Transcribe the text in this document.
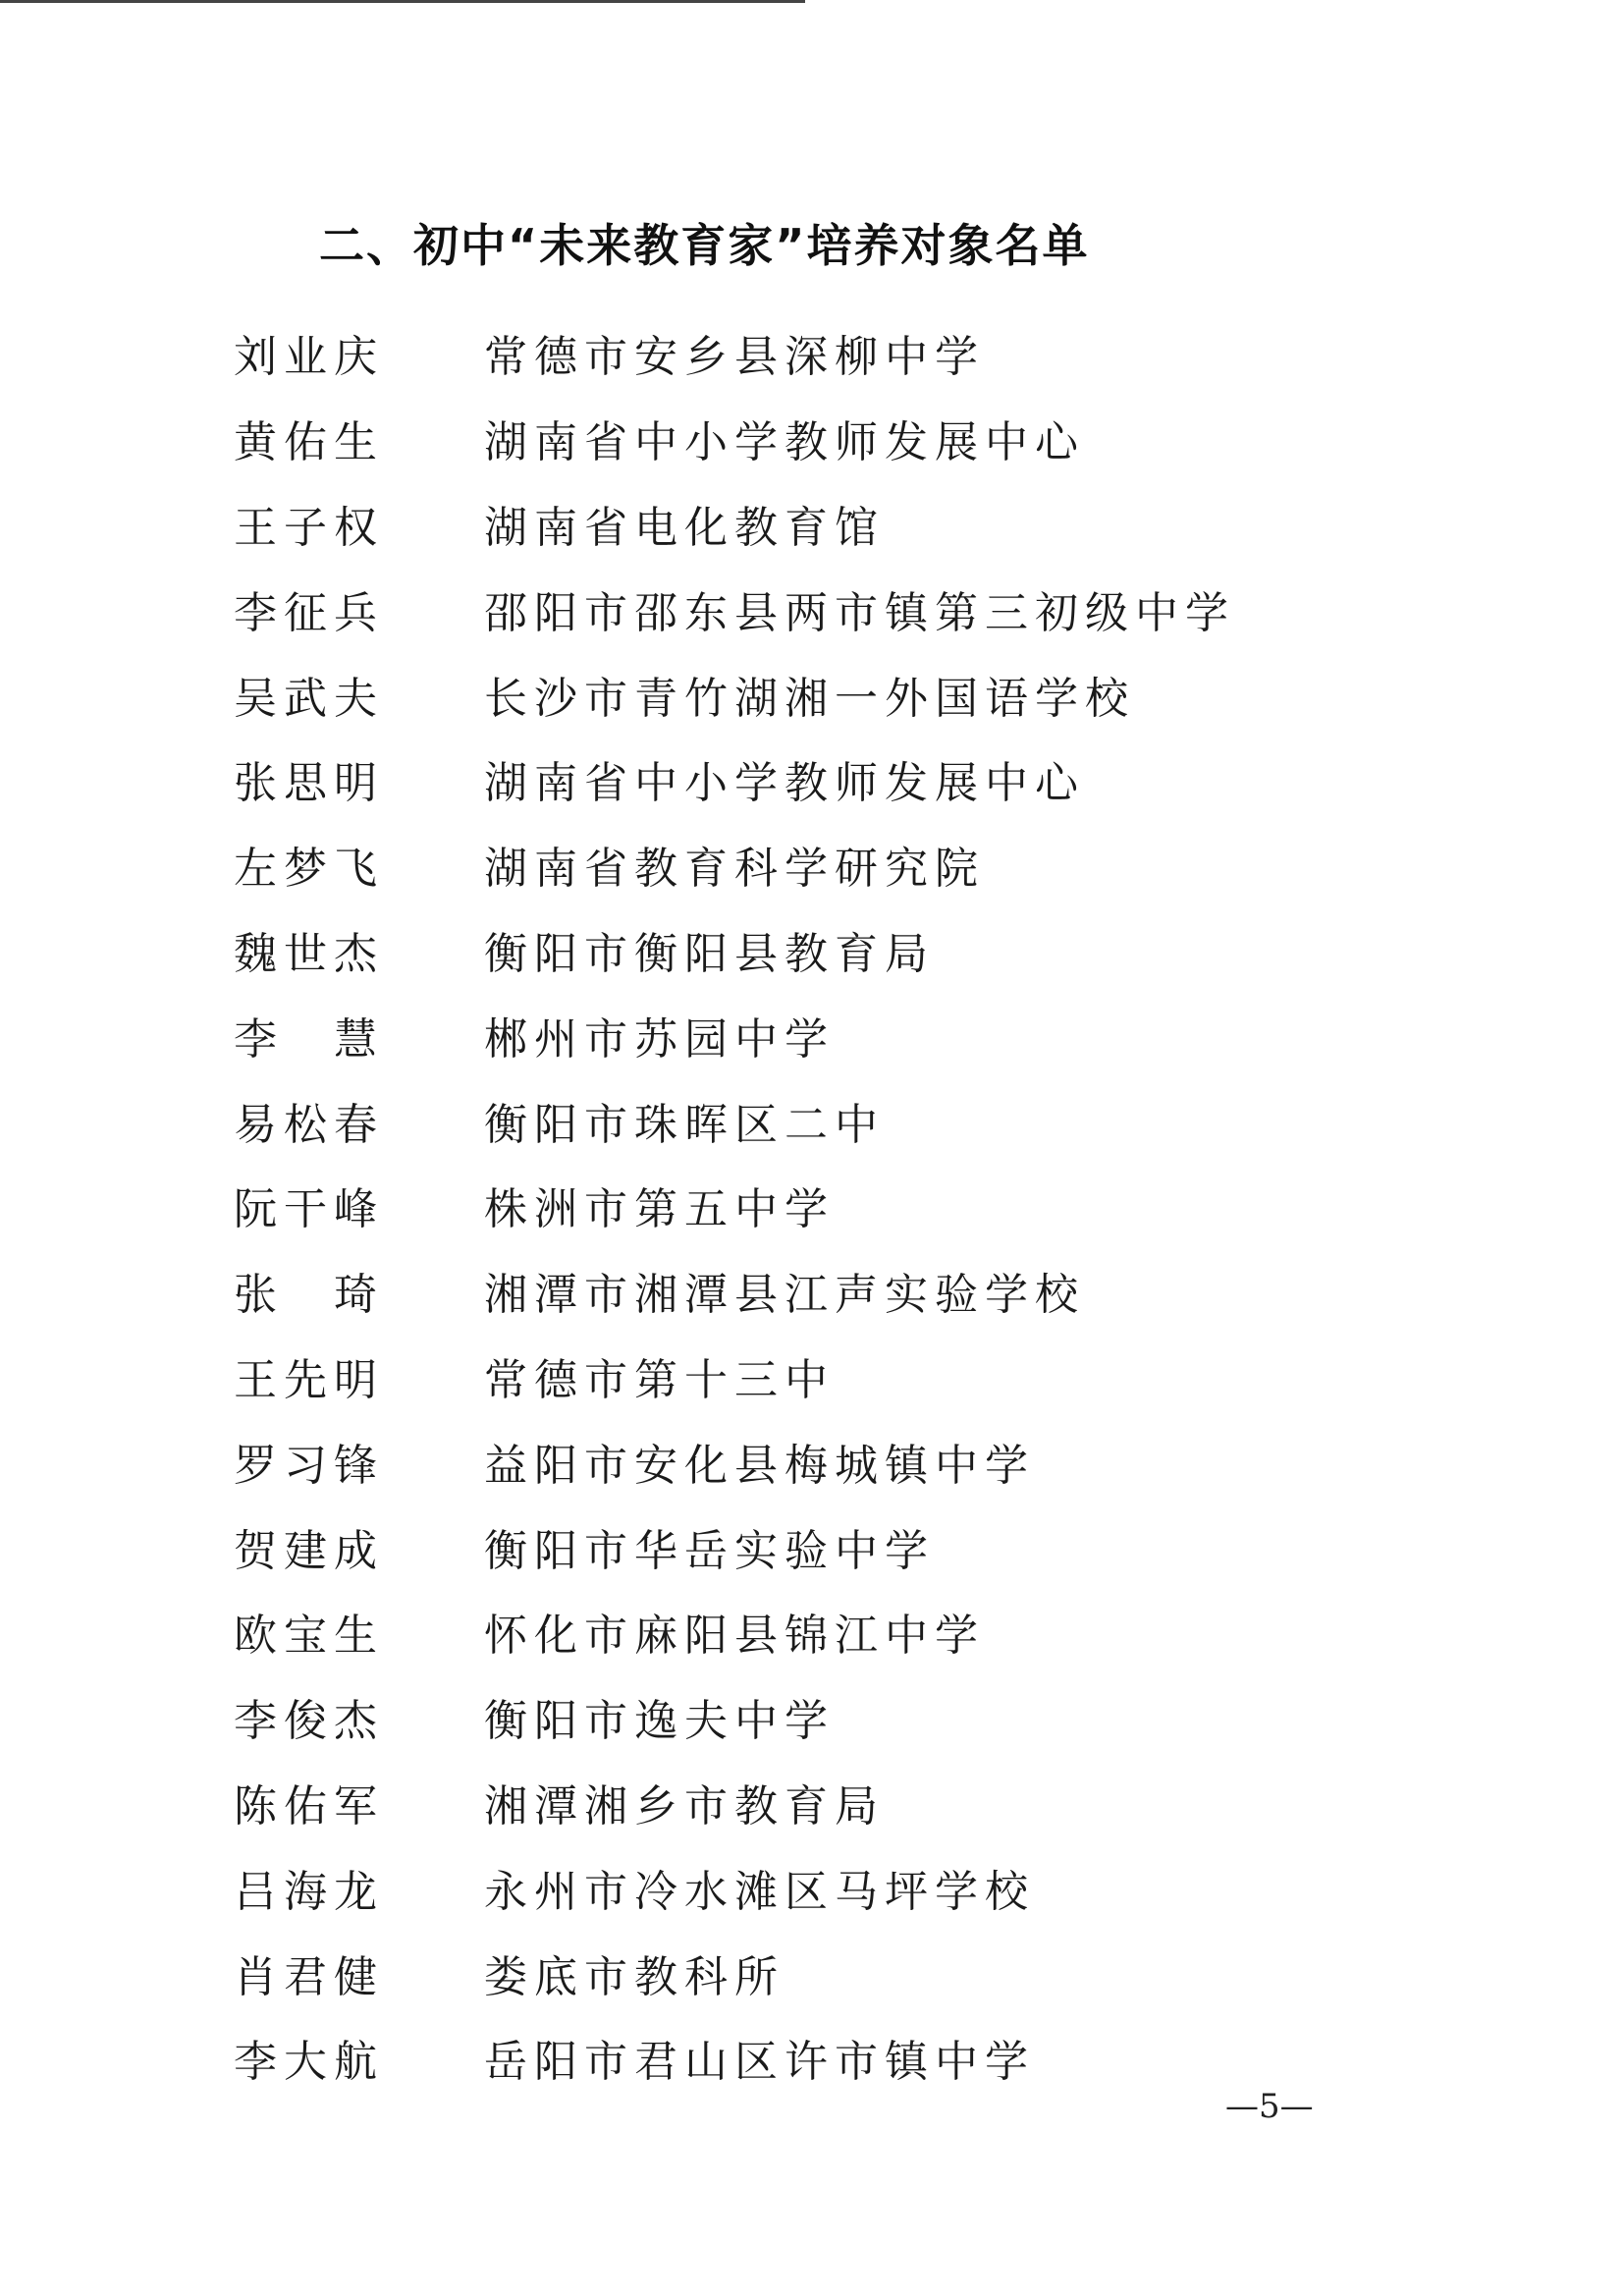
二、初中“未来教育家”培养对象名单
刘业庆	常德市安乡县深柳中学
黄佑生	湖南省中小学教师发展中心
王子权	湖南省电化教育馆
李征兵	邵阳市邵东县两市镇第三初级中学
吴武夫	长沙市青竹湖湘一外国语学校
张思明	湖南省中小学教师发展中心
左梦飞	湖南省教育科学研究院
魏世杰	衡阳市衡阳县教育局
李　慧	郴州市苏园中学
易松春	衡阳市珠晖区二中
阮干峰	株洲市第五中学
张　琦	湘潭市湘潭县江声实验学校
王先明	常德市第十三中
罗习锋	益阳市安化县梅城镇中学
贺建成	衡阳市华岳实验中学
欧宝生	怀化市麻阳县锦江中学
李俊杰	衡阳市逸夫中学
陈佑军	湘潭湘乡市教育局
吕海龙	永州市冷水滩区马坪学校
肖君健	娄底市教科所
李大航	岳阳市君山区许市镇中学
—5—
